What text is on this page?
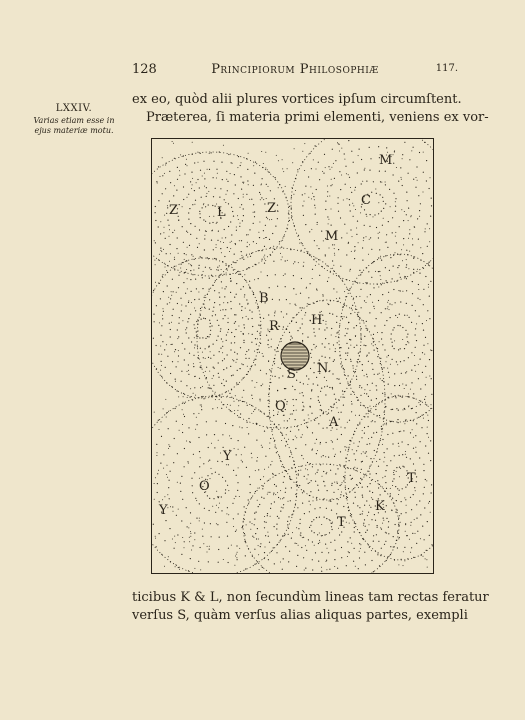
128	Principiorum Philosophiæ	117.
LXXIV.
Varias etiam esse in
ejus materiæ motu.
ex eo, quòd alii plures vortices ipſum circumſtent.
Præterea, ſi materia primi elementi, veniens ex vor-
Z	L	Z
M
C
M
B
R H
S N
Q
A
Y
O
Y
T
K
T
ticibus K & L, non ſecundùm lineas tam rectas feratur
verſus S, quàm verſus alias aliquas partes, exempli
